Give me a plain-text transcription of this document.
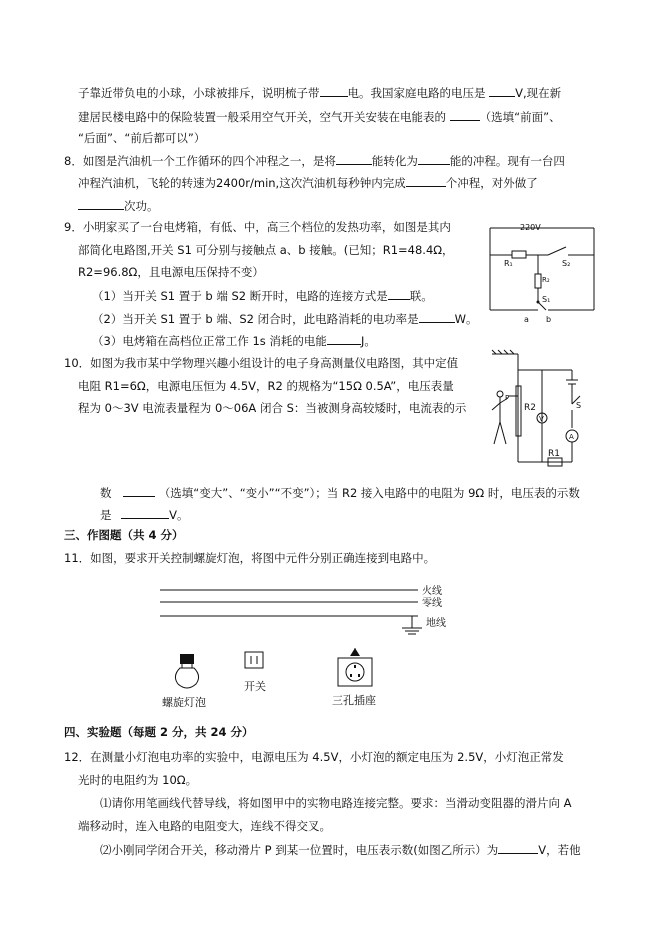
子靠近带负电的小球，小球被排斥，说明梳子带 电。我国家庭电路的电压是	V,现在新
建居民楼电路中的保险装置一般采用空气开关，空气开关安装在电能表的	（选填“前面”、
“后面”、“前后都可以”）
8．如图是汽油机一个工作循环的四个冲程之一，是将	能转化为	能的冲程。现有一台四
冲程汽油机，飞轮的转速为2400r/min,这次汽油机每秒钟内完成	个冲程，对外做了
次功。
9．小明家买了一台电烤箱，有低、中，高三个档位的发热功率，如图是其内
部简化电路图,开关 S1 可分别与接触点 a、b 接触。(已知；R1=48.4Ω，
R2=96.8Ω，且电源电压保持不变）
（1）当开关 S1 置于 b 端 S2 断开时，电路的连接方式是 联。
（2）当开关 S1 置于 b 端、S2 闭合时，此电路消耗的电功率是	W。
（3）电烤箱在高档位正常工作 1s 消耗的电能	J。
220V
R₁
R₂
S₂
S₁
a b
10．如图为我市某中学物理兴趣小组设计的电子身高测量仪电路图，其中定值
电阻 R1=6Ω，电源电压恒为 4.5V，R2 的规格为“15Ω 0.5A”，电压表量
程为 0～3V 电流表量程为 0～06A 闭合 S：当被测身高较矮时，电流表的示
数	（选填“变大”、“变小”“不变”）；当 R2 接入电路中的电阻为 9Ω 时，电压表的示数
是	V。
P
R2
V
A
S
R1
三、作图题（共 4 分）
11．如图，要求开关控制螺旋灯泡，将图中元件分别正确连接到电路中。
火线
零线
地线
螺旋灯泡
开关
三孔插座
四、实验题（每题 2 分，共 24 分）
12．在测量小灯泡电功率的实验中，电源电压为 4.5V，小灯泡的额定电压为 2.5V，小灯泡正常发
光时的电阻约为 10Ω。
⑴请你用笔画线代替导线，将如图甲中的实物电路连接完整。要求：当滑动变阻器的滑片向 A
端移动时，连入电路的电阻变大，连线不得交叉。
⑵小刚同学闭合开关，移动滑片 P 到某一位置时，电压表示数(如图乙所示）为	V，若他
